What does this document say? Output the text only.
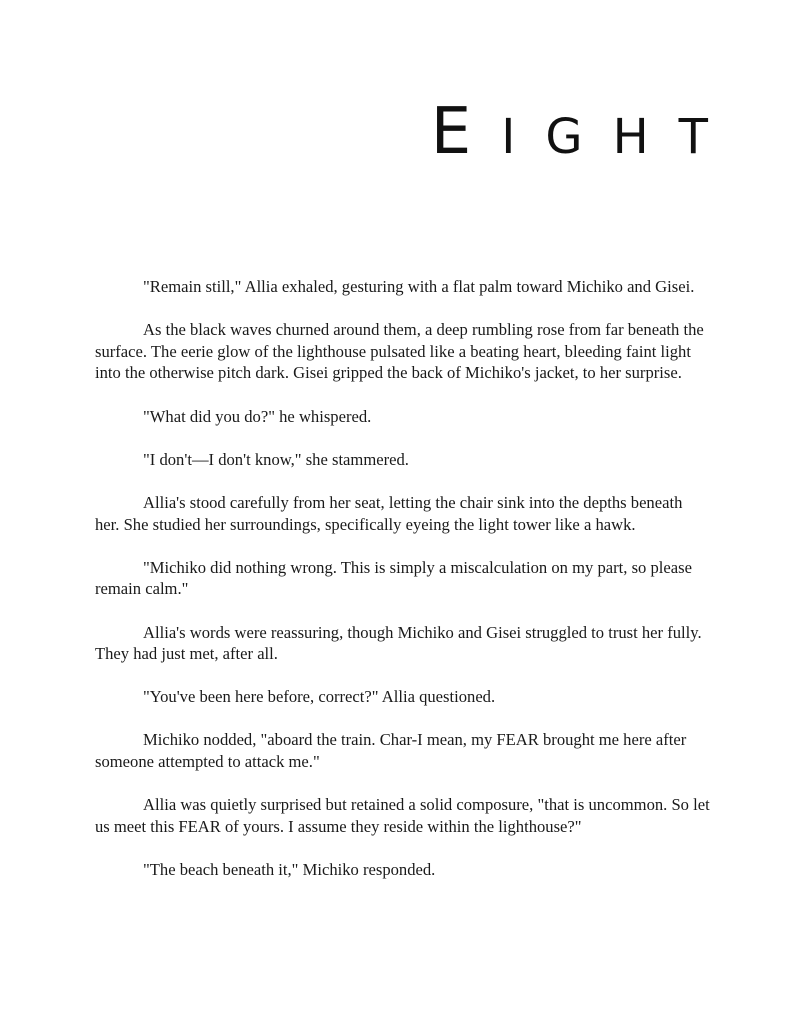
E I G H T

"Remain still," Allia exhaled, gesturing with a flat palm toward Michiko and Gisei.

As the black waves churned around them, a deep rumbling rose from far beneath the surface. The eerie glow of the lighthouse pulsated like a beating heart, bleeding faint light into the otherwise pitch dark. Gisei gripped the back of Michiko's jacket, to her surprise.

"What did you do?" he whispered.

"I don't—I don't know," she stammered.

Allia's stood carefully from her seat, letting the chair sink into the depths beneath her. She studied her surroundings, specifically eyeing the light tower like a hawk.

"Michiko did nothing wrong. This is simply a miscalculation on my part, so please remain calm."

Allia's words were reassuring, though Michiko and Gisei struggled to trust her fully. They had just met, after all.

"You've been here before, correct?" Allia questioned.

Michiko nodded, "aboard the train. Char-I mean, my FEAR brought me here after someone attempted to attack me."

Allia was quietly surprised but retained a solid composure, "that is uncommon. So let us meet this FEAR of yours. I assume they reside within the lighthouse?"

"The beach beneath it," Michiko responded.
